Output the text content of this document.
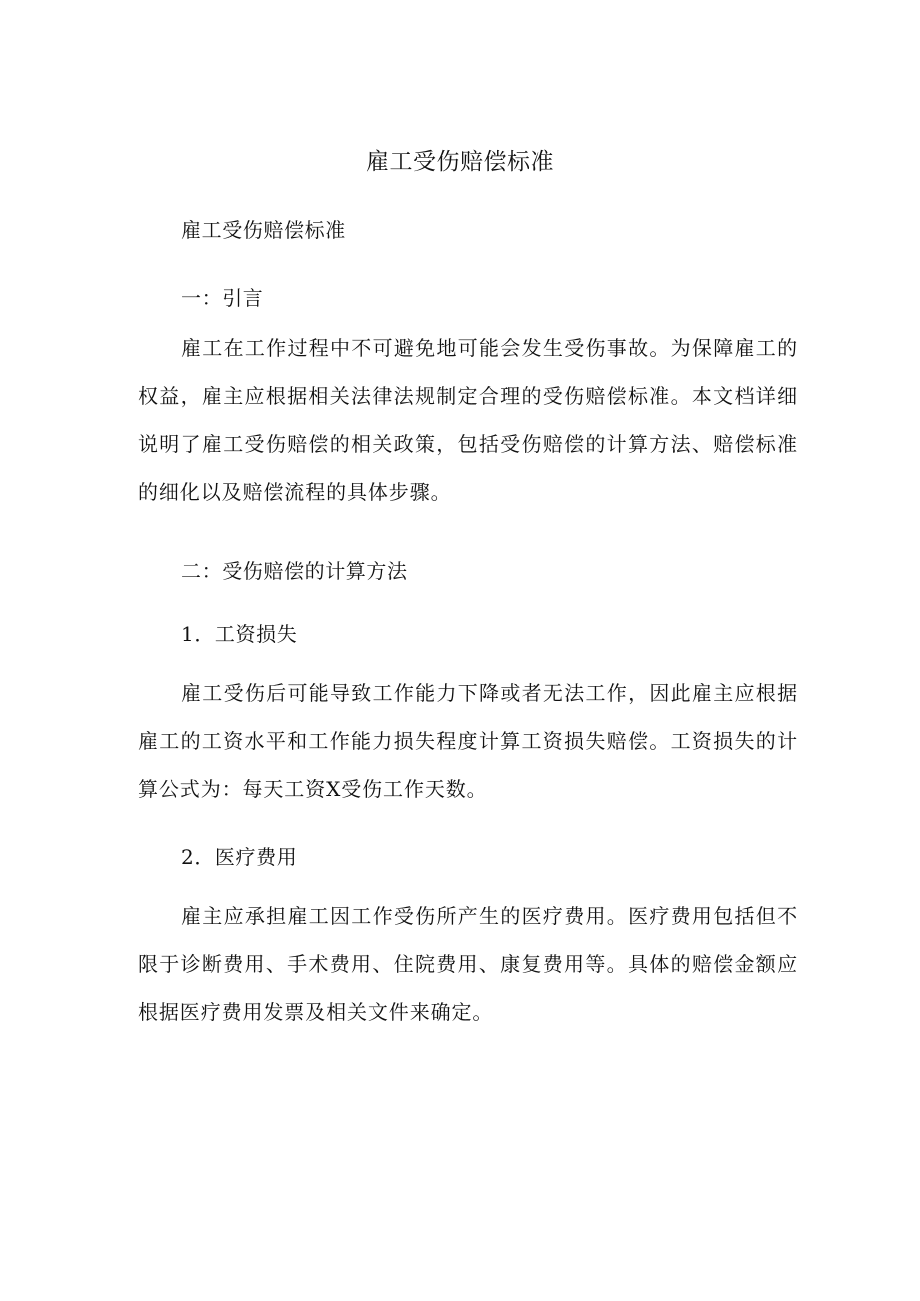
雇工受伤赔偿标准
雇工受伤赔偿标准
一：引言

雇工在工作过程中不可避免地可能会发生受伤事故。为保障雇工的权益，雇主应根据相关法律法规制定合理的受伤赔偿标准。本文档详细说明了雇工受伤赔偿的相关政策，包括受伤赔偿的计算方法、赔偿标准的细化以及赔偿流程的具体步骤。

二：受伤赔偿的计算方法
1．工资损失

雇工受伤后可能导致工作能力下降或者无法工作，因此雇主应根据雇工的工资水平和工作能力损失程度计算工资损失赔偿。工资损失的计算公式为：每天工资X受伤工作天数。

2．医疗费用

雇主应承担雇工因工作受伤所产生的医疗费用。医疗费用包括但不限于诊断费用、手术费用、住院费用、康复费用等。具体的赔偿金额应根据医疗费用发票及相关文件来确定。
